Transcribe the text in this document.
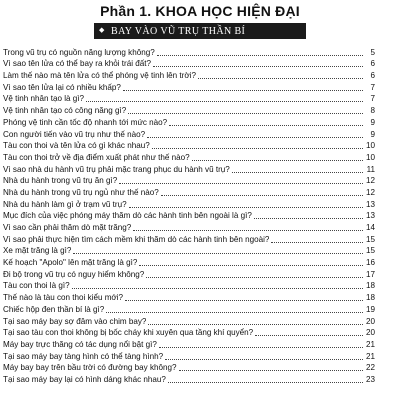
Phần 1. KHOA HỌC HIỆN ĐẠI
◆ BAY VÀO VŨ TRỤ THẦN BÍ
Trong vũ trụ có nguồn năng lượng không?	5
Vì sao tên lửa có thể bay ra khỏi trái đất?	6
Làm thế nào mà tên lửa có thể phóng vệ tinh lên trời?	6
Vì sao tên lửa lại có nhiều khấp?	7
Vệ tinh nhân tạo là gì?	7
Vệ tinh nhân tạo có công năng gì?	8
Phóng vệ tinh cần tốc độ nhanh tới mức nào?	9
Con người tiến vào vũ trụ như thế nào?	9
Tàu con thoi và tên lửa có gì khác nhau?	10
Tàu con thoi trở về địa điểm xuất phát như thế nào?	10
Vì sao nhà du hành vũ trụ phải mặc trang phục du hành vũ trụ?	11
Nhà du hành trong vũ trụ ăn gì?	12
Nhà du hành trong vũ trụ ngủ như thế nào?	12
Nhà du hành làm gì ở trạm vũ trụ?	13
Mục đích của việc phóng máy thăm dò các hành tinh bên ngoài là gì?	13
Vì sao cần phải thăm dò mặt trăng?	14
Vì sao phải thực hiện tìm cách mềm khi thăm dò các hành tinh bên ngoài?	15
Xe mặt trăng là gì?	15
Kế hoạch "Apolo" lên mặt trăng là gì?	16
Đi bộ trong vũ trụ có nguy hiểm không?	17
Tàu con thoi là gì?	18
Thế nào là tàu con thoi kiểu mới?	18
Chiếc hộp đen thần bí là gì?	19
Tại sao máy bay sợ đâm vào chim bay?	20
Tại sao tàu con thoi không bị bốc cháy khi xuyên qua tầng khí quyển?	20
Máy bay trực thăng có tác dụng nổi bật gì?	21
Tại sao máy bay tàng hình có thể tàng hình?	21
Máy bay bay trên bầu trời có đường bay không?	22
Tại sao máy bay lại có hình dáng khác nhau?	23
